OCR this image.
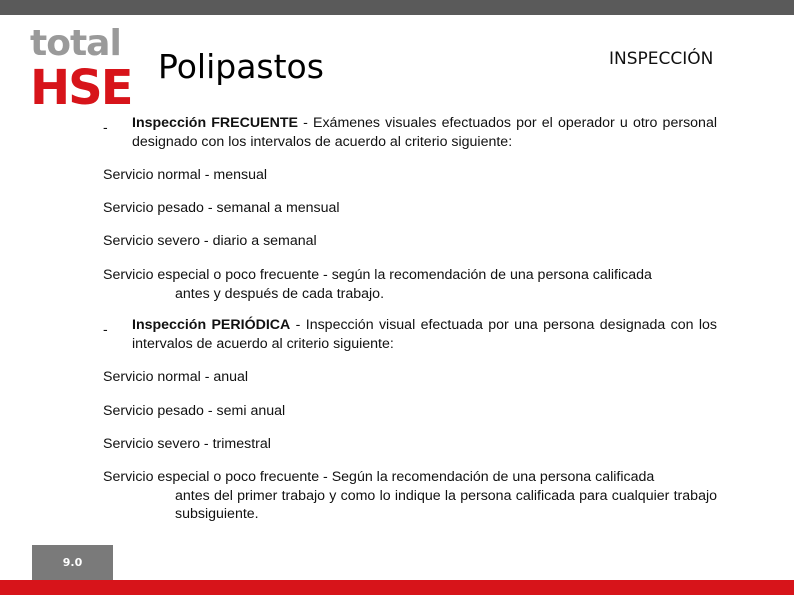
total
HSE Polipastos	INSPECCIÓN
- Inspección FRECUENTE - Exámenes visuales efectuados por el operador u otro personal designado con los intervalos de acuerdo al criterio siguiente:
Servicio normal - mensual
Servicio pesado - semanal a mensual
Servicio severo - diario a semanal
Servicio especial o poco frecuente - según la recomendación de una persona calificada
antes y después de cada trabajo.
- Inspección PERIÓDICA - Inspección visual efectuada por una persona designada con los intervalos de acuerdo al criterio siguiente:
Servicio normal - anual
Servicio pesado - semi anual
Servicio severo - trimestral
Servicio especial o poco frecuente - Según la recomendación de una persona calificada
antes del primer trabajo y como lo indique la persona calificada para cualquier trabajo subsiguiente.
9.0
